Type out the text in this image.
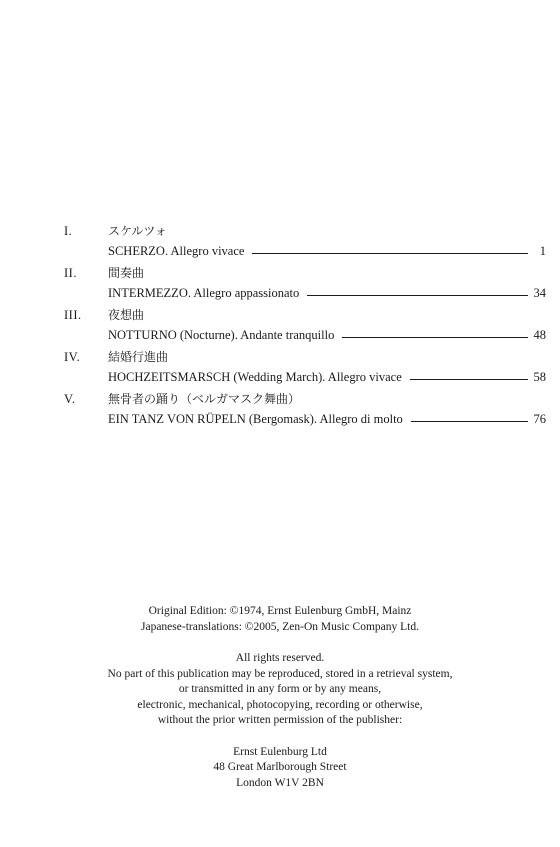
I.	スケルツォ
SCHERZO. Allegro vivace	1
II.	間奏曲
INTERMEZZO. Allegro appassionato	34
III.	夜想曲
NOTTURNO (Nocturne). Andante tranquillo	48
IV.	結婚行進曲
HOCHZEITSMARSCH (Wedding March). Allegro vivace	58
V.	無骨者の踊り（ベルガマスク舞曲）
EIN TANZ VON RÜPELN (Bergomask). Allegro di molto	76
Original Edition: ©1974, Ernst Eulenburg GmbH, Mainz
Japanese-translations: ©2005, Zen-On Music Company Ltd.
All rights reserved.
No part of this publication may be reproduced, stored in a retrieval system,
or transmitted in any form or by any means,
electronic, mechanical, photocopying, recording or otherwise,
without the prior written permission of the publisher:
Ernst Eulenburg Ltd
48 Great Marlborough Street
London W1V 2BN
